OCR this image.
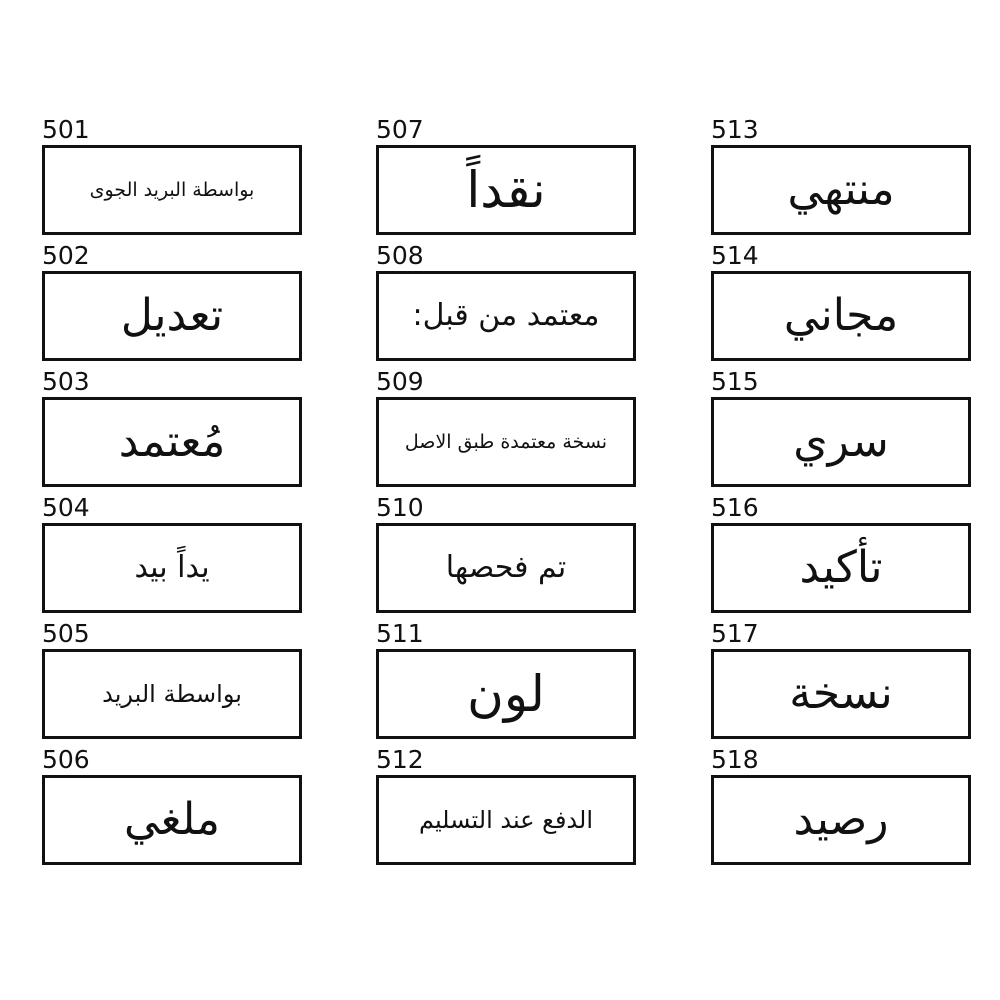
501
بواسطة البريد الجوى
502
تعديل
503
مُعتمد
504
يداً بيد
505
بواسطة البريد
506
ملغي
507
نقداً
508
معتمد من قبل:
509
نسخة معتمدة طبق الاصل
510
تم فحصها
511
لون
512
الدفع عند التسليم
513
منتهي
514
مجاني
515
سري
516
تأكيد
517
نسخة
518
رصيد
